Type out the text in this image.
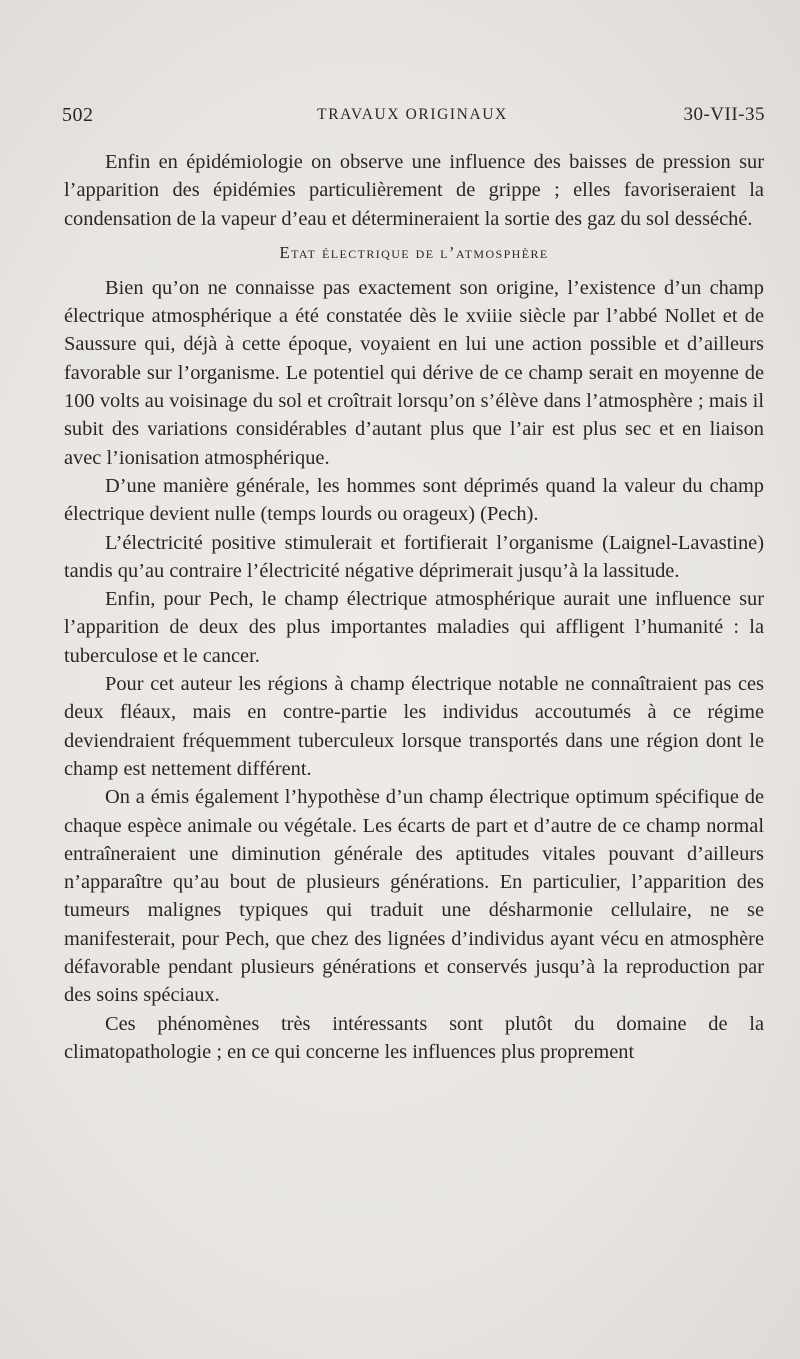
502	TRAVAUX ORIGINAUX	30-VII-35

Enfin en épidémiologie on observe une influence des baisses de pression sur l’apparition des épidémies particulièrement de grippe ; elles favoriseraient la condensation de la vapeur d’eau et détermineraient la sortie des gaz du sol desséché.

Etat électrique de l’atmosphère

Bien qu’on ne connaisse pas exactement son origine, l’existence d’un champ électrique atmosphérique a été constatée dès le xviiie siècle par l’abbé Nollet et de Saussure qui, déjà à cette époque, voyaient en lui une action possible et d’ailleurs favorable sur l’organisme. Le potentiel qui dérive de ce champ serait en moyenne de 100 volts au voisinage du sol et croîtrait lorsqu’on s’élève dans l’atmosphère ; mais il subit des variations considérables d’autant plus que l’air est plus sec et en liaison avec l’ionisation atmosphérique.

D’une manière générale, les hommes sont déprimés quand la valeur du champ électrique devient nulle (temps lourds ou orageux) (Pech).

L’électricité positive stimulerait et fortifierait l’organisme (Laignel-Lavastine) tandis qu’au contraire l’électricité négative déprimerait jusqu’à la lassitude.

Enfin, pour Pech, le champ électrique atmosphérique aurait une influence sur l’apparition de deux des plus importantes maladies qui affligent l’humanité : la tuberculose et le cancer.

Pour cet auteur les régions à champ électrique notable ne connaîtraient pas ces deux fléaux, mais en contre-partie les individus accoutumés à ce régime deviendraient fréquemment tuberculeux lorsque transportés dans une région dont le champ est nettement différent.

On a émis également l’hypothèse d’un champ électrique optimum spécifique de chaque espèce animale ou végétale. Les écarts de part et d’autre de ce champ normal entraîneraient une diminution générale des aptitudes vitales pouvant d’ailleurs n’apparaître qu’au bout de plusieurs générations. En particulier, l’apparition des tumeurs malignes typiques qui traduit une désharmonie cellulaire, ne se manifesterait, pour Pech, que chez des lignées d’individus ayant vécu en atmosphère défavorable pendant plusieurs générations et conservés jusqu’à la reproduction par des soins spéciaux.

Ces phénomènes très intéressants sont plutôt du domaine de la climatopathologie ; en ce qui concerne les influences plus proprement
